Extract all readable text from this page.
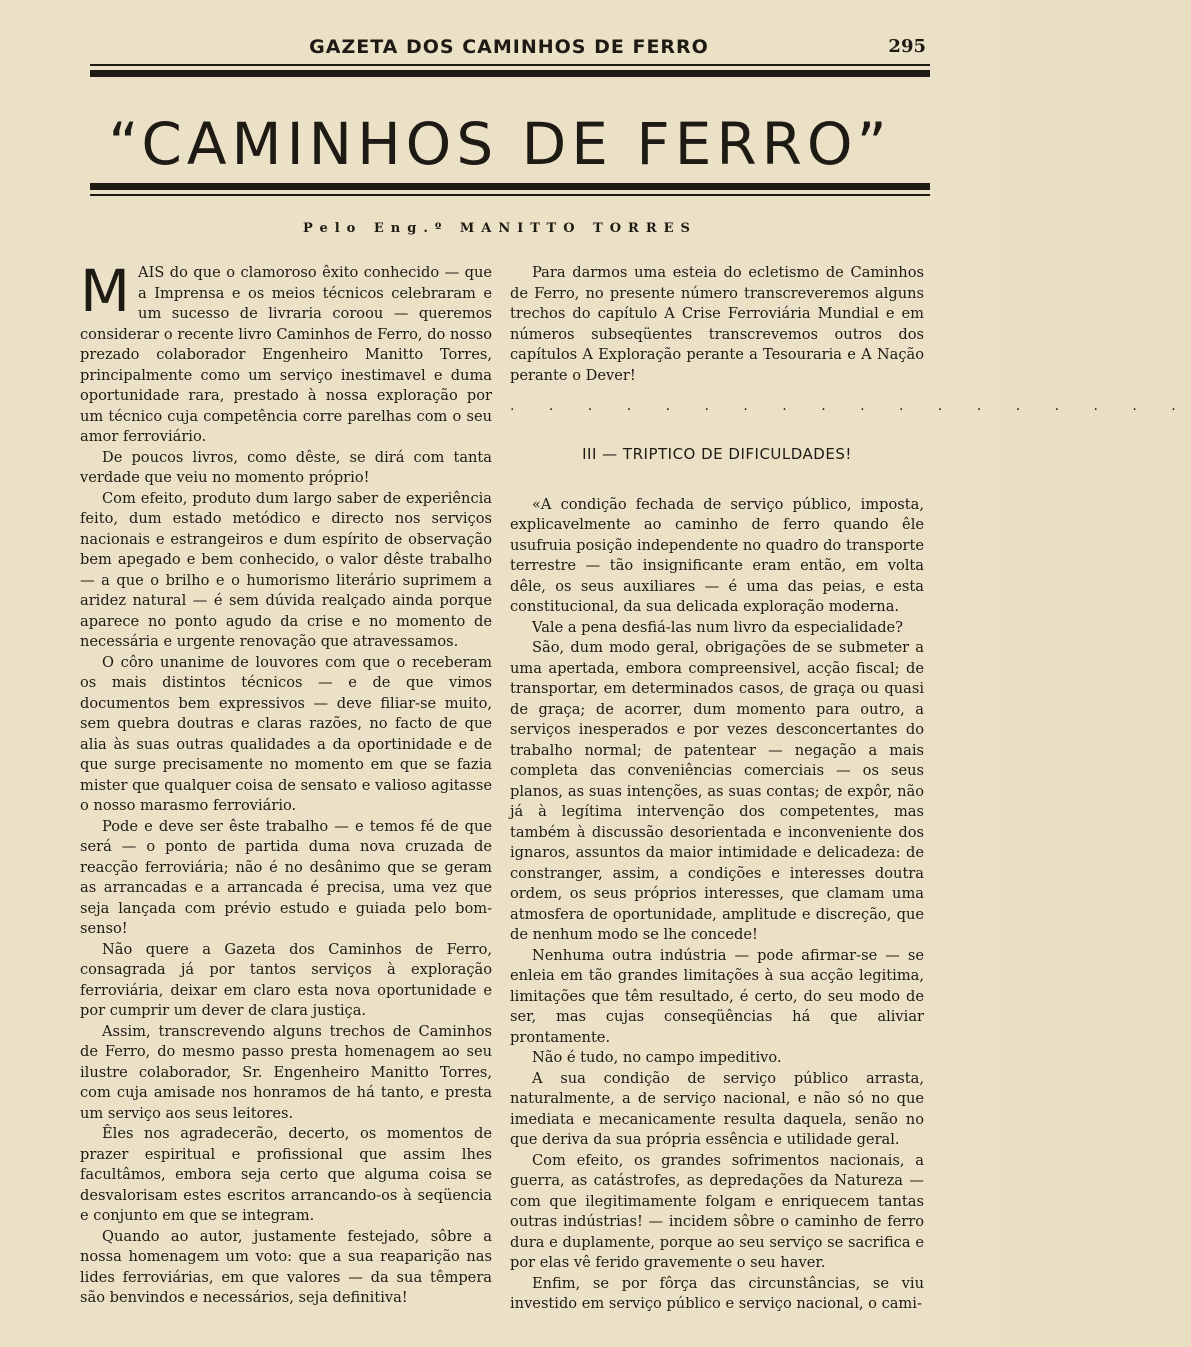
GAZETA DOS CAMINHOS DE FERRO	295
“CAMINHOS DE FERRO”
Pelo Eng.º MANITTO TORRES

MAIS do que o clamoroso êxito conhecido — que a Imprensa e os meios técnicos celebraram e um sucesso de livraria coroou — queremos considerar o recente livro Caminhos de Ferro, do nosso prezado colaborador Engenheiro Manitto Torres, principalmente como um serviço inestimavel e duma oportunidade rara, prestado à nossa exploração por um técnico cuja competência corre parelhas com o seu amor ferroviário.

De poucos livros, como dêste, se dirá com tanta verdade que veiu no momento próprio!

Com efeito, produto dum largo saber de experiência feito, dum estado metódico e directo nos serviços nacionais e estrangeiros e dum espírito de observação bem apegado e bem conhecido, o valor dêste trabalho — a que o brilho e o humorismo literário suprimem a aridez natural — é sem dúvida realçado ainda porque aparece no ponto agudo da crise e no momento de necessária e urgente renovação que atravessamos.

O côro unanime de louvores com que o receberam os mais distintos técnicos — e de que vimos documentos bem expressivos — deve filiar-se muito, sem quebra doutras e claras razões, no facto de que alia às suas outras qualidades a da oportinidade e de que surge precisamente no momento em que se fazia mister que qualquer coisa de sensato e valioso agitasse o nosso marasmo ferroviário.

Pode e deve ser êste trabalho — e temos fé de que será — o ponto de partida duma nova cruzada de reacção ferroviária; não é no desânimo que se geram as arrancadas e a arrancada é precisa, uma vez que seja lançada com prévio estudo e guiada pelo bom-senso!

Não quere a Gazeta dos Caminhos de Ferro, consagrada já por tantos serviços à exploração ferroviária, deixar em claro esta nova oportunidade e por cumprir um dever de clara justiça.

Assim, transcrevendo alguns trechos de Caminhos de Ferro, do mesmo passo presta homenagem ao seu ilustre colaborador, Sr. Engenheiro Manitto Torres, com cuja amisade nos honramos de há tanto, e presta um serviço aos seus leitores.

Êles nos agradecerão, decerto, os momentos de prazer espiritual e profissional que assim lhes facultâmos, embora seja certo que alguma coisa se desvalorisam estes escritos arrancando-os à seqüencia e conjunto em que se integram.

Quando ao autor, justamente festejado, sôbre a nossa homenagem um voto: que a sua reaparição nas lides ferroviárias, em que valores — da sua têmpera são benvindos e necessários, seja definitiva!

Para darmos uma esteia do ecletismo de Caminhos de Ferro, no presente número transcreveremos alguns trechos do capítulo A Crise Ferroviária Mundial e em números subseqüentes transcrevemos outros dos capítulos A Exploração perante a Tesouraria e A Nação perante o Dever!

. . . . . . . . . . . . . . . . . .
III — TRIPTICO DE DIFICULDADES!

«A condição fechada de serviço público, imposta, explicavelmente ao caminho de ferro quando êle usufruia posição independente no quadro do transporte terrestre — tão insignificante eram então, em volta dêle, os seus auxiliares — é uma das peias, e esta constitucional, da sua delicada exploração moderna.

Vale a pena desfiá-las num livro da especialidade?

São, dum modo geral, obrigações de se submeter a uma apertada, embora compreensivel, acção fiscal; de transportar, em determinados casos, de graça ou quasi de graça; de acorrer, dum momento para outro, a serviços inesperados e por vezes desconcertantes do trabalho normal; de patentear — negação a mais completa das conveniências comerciais — os seus planos, as suas intenções, as suas contas; de expôr, não já à legítima intervenção dos competentes, mas também à discussão desorientada e inconveniente dos ignaros, assuntos da maior intimidade e delicadeza: de constranger, assim, a condições e interesses doutra ordem, os seus próprios interesses, que clamam uma atmosfera de oportunidade, amplitude e discreção, que de nenhum modo se lhe concede!

Nenhuma outra indústria — pode afirmar-se — se enleia em tão grandes limitações à sua acção legitima, limitações que têm resultado, é certo, do seu modo de ser, mas cujas conseqüências há que aliviar prontamente.

Não é tudo, no campo impeditivo.

A sua condição de serviço público arrasta, naturalmente, a de serviço nacional, e não só no que imediata e mecanicamente resulta daquela, senão no que deriva da sua própria essência e utilidade geral.

Com efeito, os grandes sofrimentos nacionais, a guerra, as catástrofes, as depredações da Natureza — com que ilegitimamente folgam e enriquecem tantas outras indústrias! — incidem sôbre o caminho de ferro dura e duplamente, porque ao seu serviço se sacrifica e por elas vê ferido gravemente o seu haver.

Enfim, se por fôrça das circunstâncias, se viu investido em serviço público e serviço nacional, o cami-
